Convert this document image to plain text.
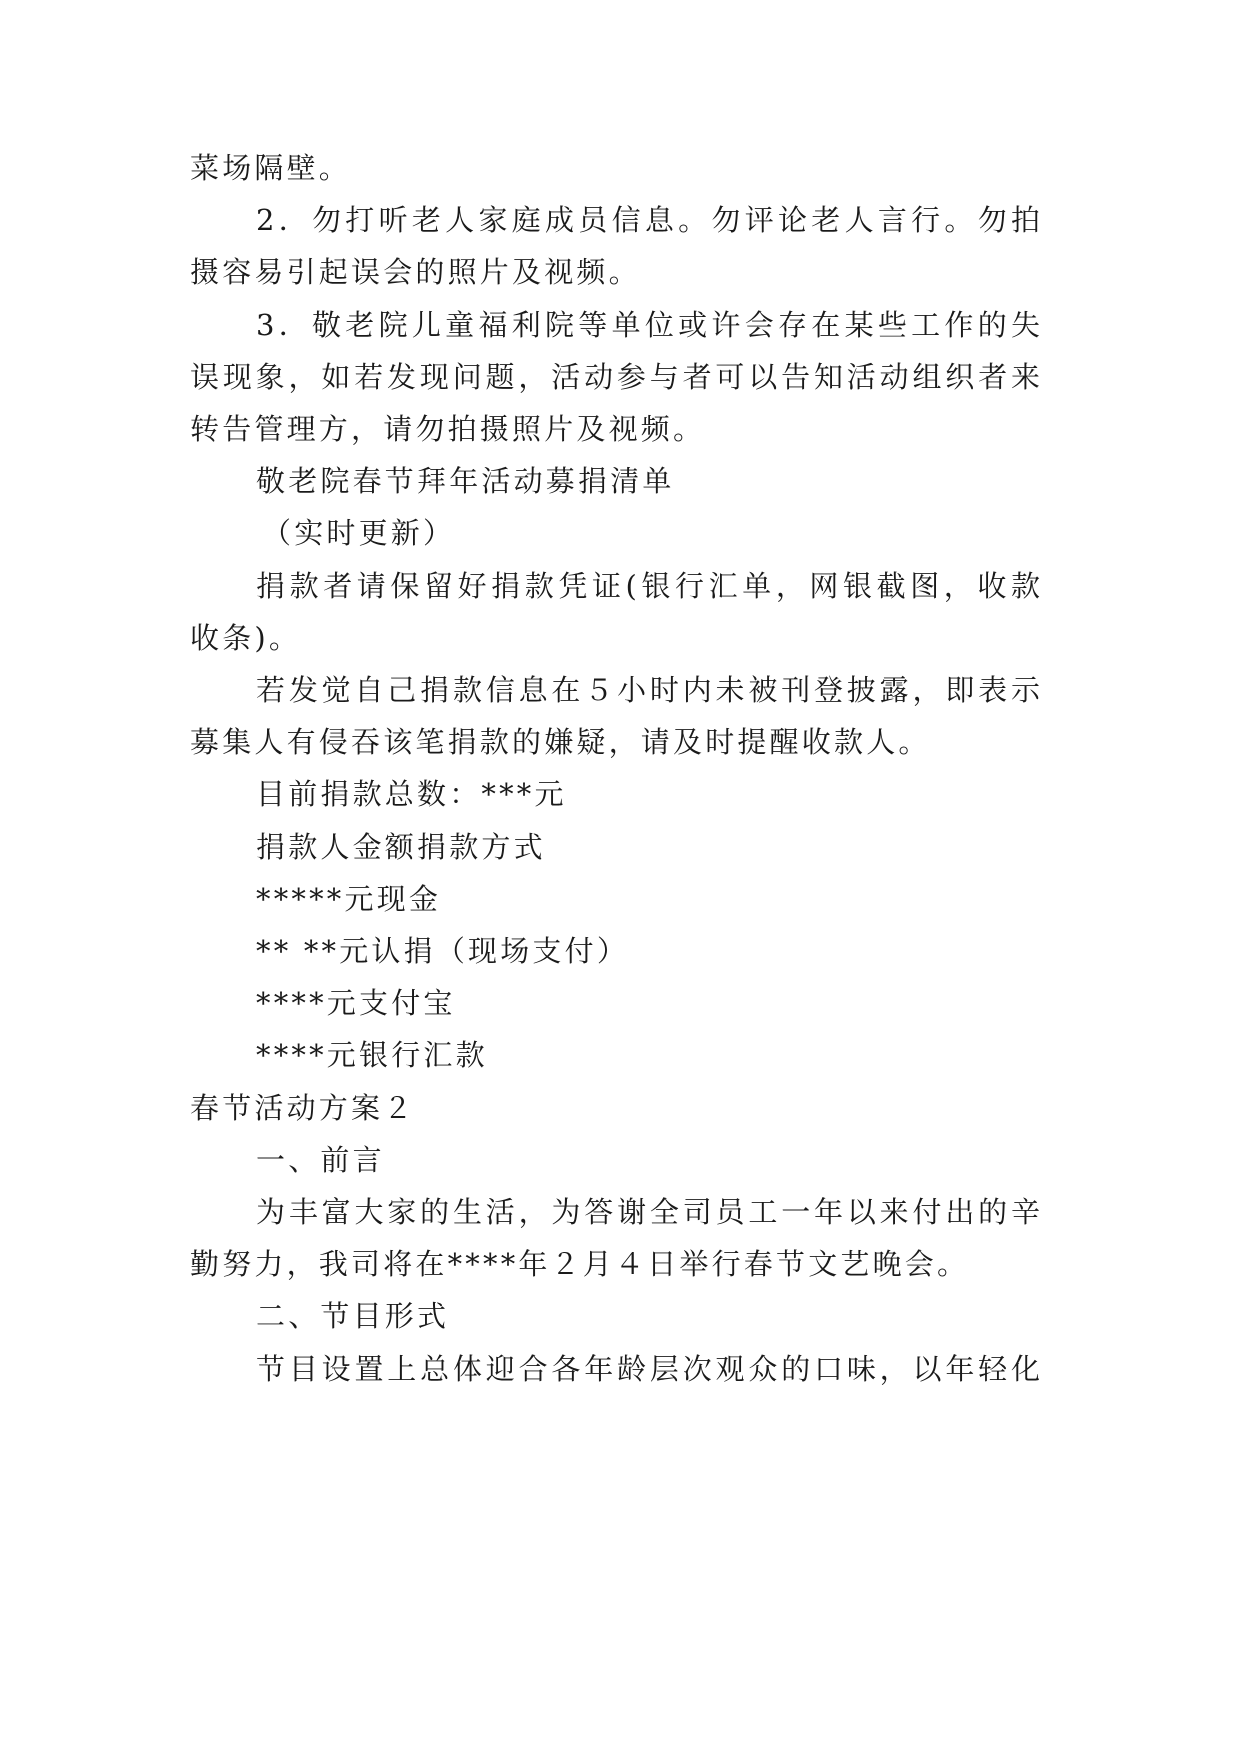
菜场隔壁。
2．勿打听老人家庭成员信息。勿评论老人言行。勿拍
摄容易引起误会的照片及视频。
3．敬老院儿童福利院等单位或许会存在某些工作的失
误现象，如若发现问题，活动参与者可以告知活动组织者来
转告管理方，请勿拍摄照片及视频。
敬老院春节拜年活动募捐清单
（实时更新）
捐款者请保留好捐款凭证(银行汇单，网银截图，收款
收条)。
若发觉自己捐款信息在５小时内未被刊登披露，即表示
募集人有侵吞该笔捐款的嫌疑，请及时提醒收款人。
目前捐款总数：***元
捐款人金额捐款方式
*****元现金
** **元认捐（现场支付）
****元支付宝
****元银行汇款
春节活动方案２
一、前言
为丰富大家的生活，为答谢全司员工一年以来付出的辛
勤努力，我司将在****年２月４日举行春节文艺晚会。
二、节目形式
节目设置上总体迎合各年龄层次观众的口味，以年轻化
